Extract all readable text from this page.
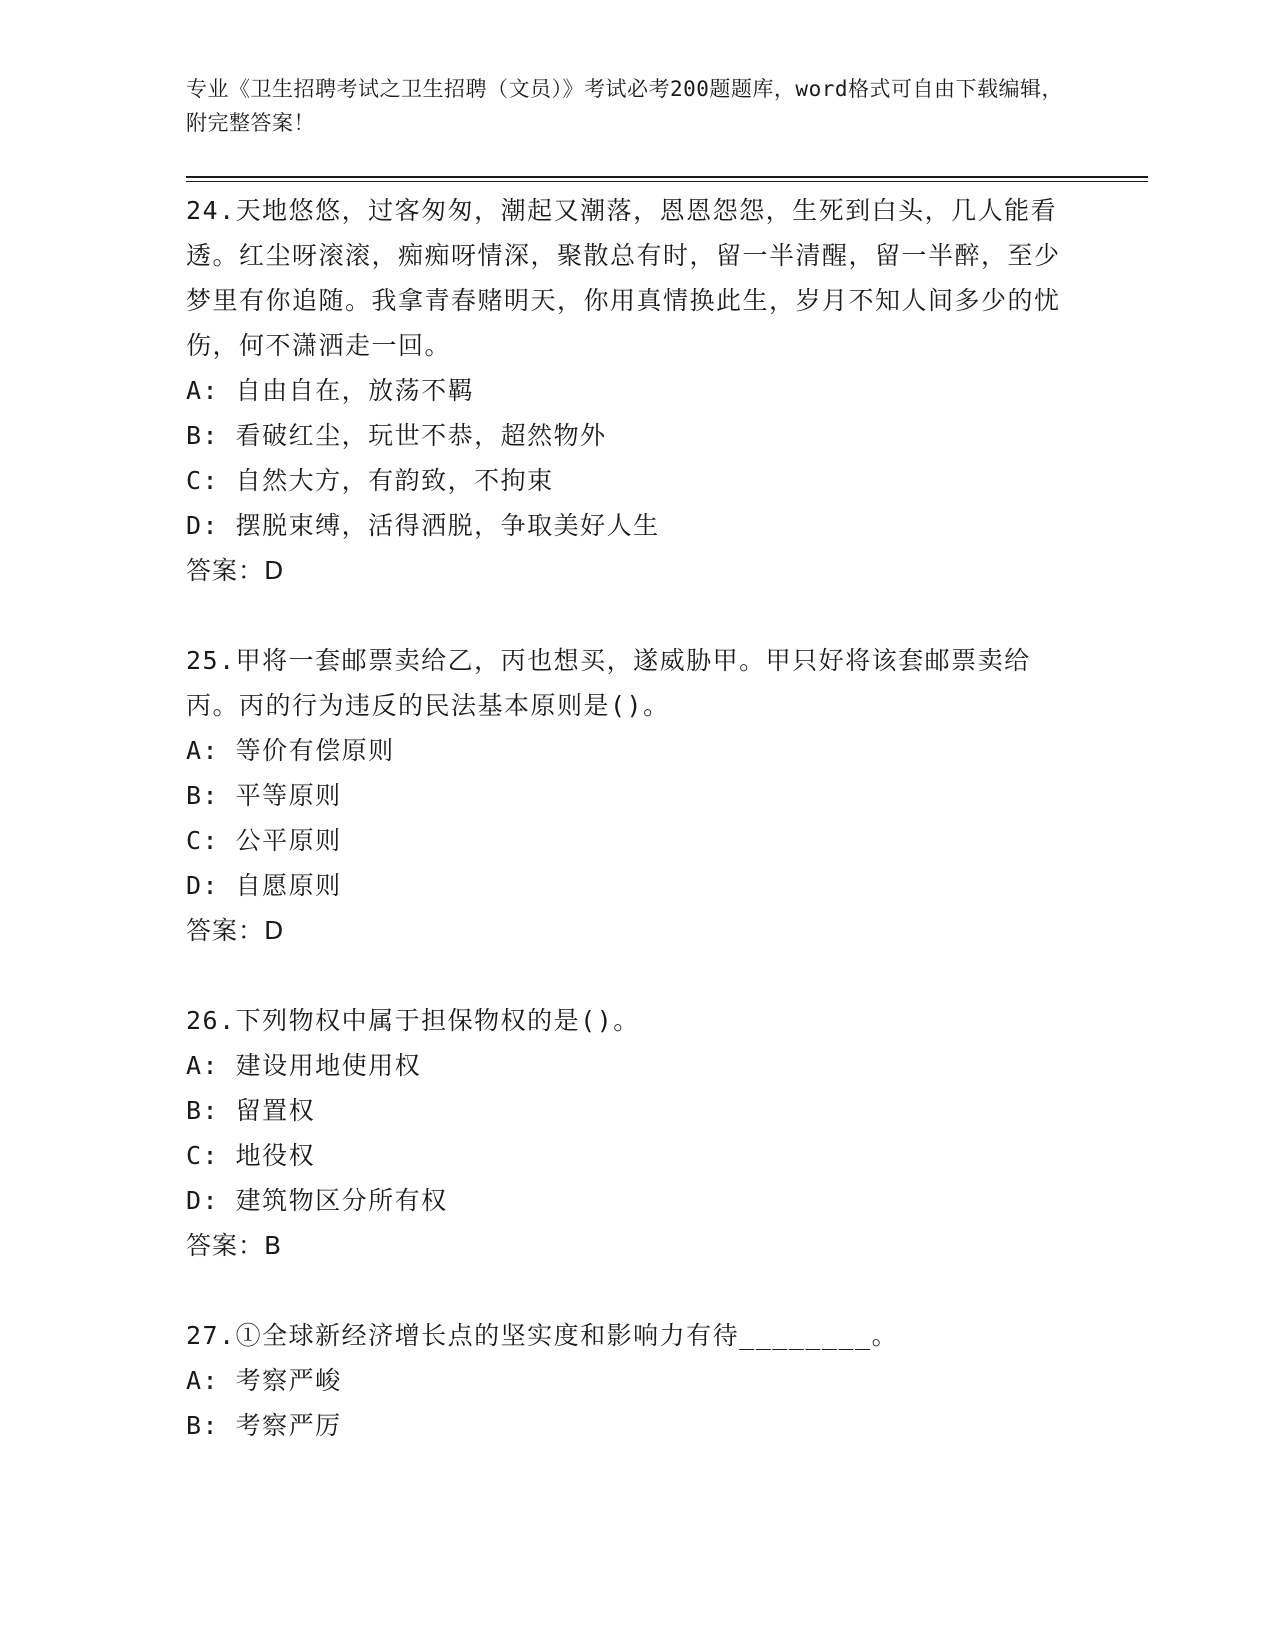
专业《卫生招聘考试之卫生招聘（文员）》考试必考200题题库，word格式可自由下载编辑，附完整答案！

24.天地悠悠，过客匆匆，潮起又潮落，恩恩怨怨，生死到白头，几人能看透。红尘呀滚滚，痴痴呀情深，聚散总有时，留一半清醒，留一半醉，至少梦里有你追随。我拿青春赌明天，你用真情换此生，岁月不知人间多少的忧伤，何不潇洒走一回。

A: 自由自在，放荡不羁

B: 看破红尘，玩世不恭，超然物外

C: 自然大方，有韵致，不拘束

D: 摆脱束缚，活得洒脱，争取美好人生

答案：D

25.甲将一套邮票卖给乙，丙也想买，遂威胁甲。甲只好将该套邮票卖给丙。丙的行为违反的民法基本原则是()。

A: 等价有偿原则

B: 平等原则

C: 公平原则

D: 自愿原则

答案：D

26.下列物权中属于担保物权的是()。

A: 建设用地使用权

B: 留置权

C: 地役权

D: 建筑物区分所有权

答案：B

27.①全球新经济增长点的坚实度和影响力有待________。

A: 考察严峻

B: 考察严厉
